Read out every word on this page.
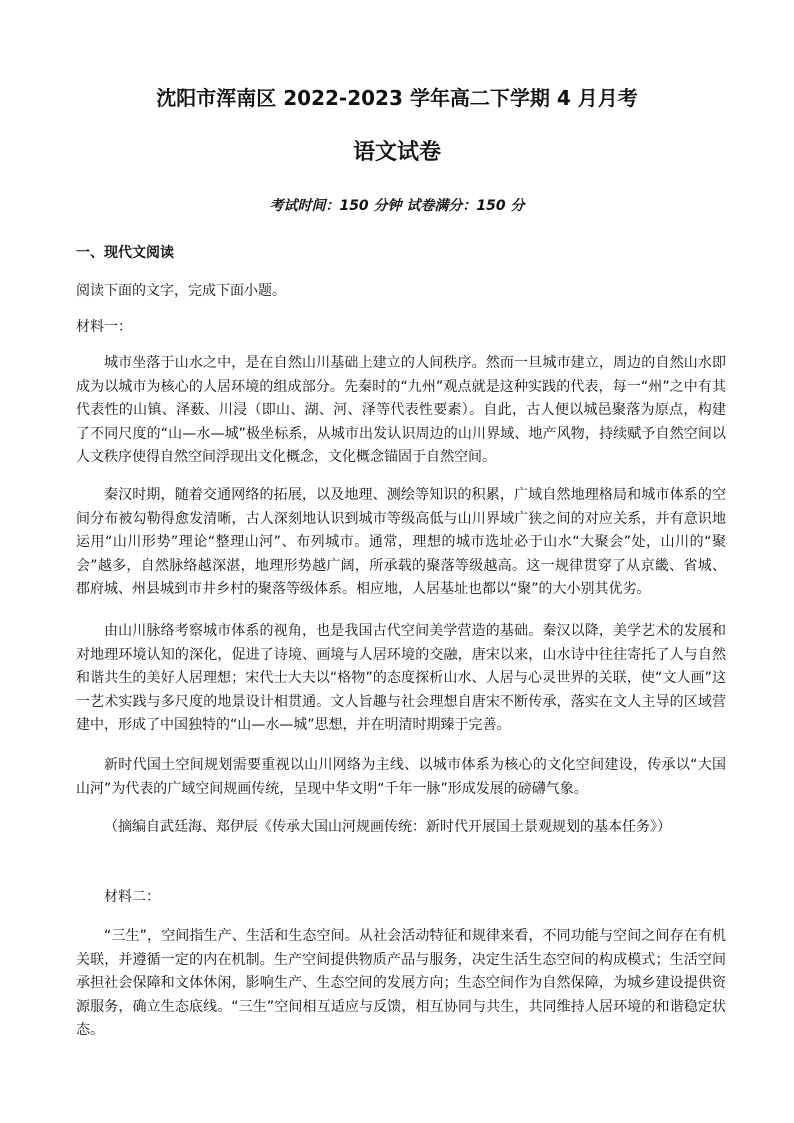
沈阳市浑南区 2022-2023 学年高二下学期 4 月月考
语文试卷
考试时间：150 分钟 试卷满分：150 分
一、现代文阅读
阅读下面的文字，完成下面小题。
材料一：

城市坐落于山水之中，是在自然山川基础上建立的人间秩序。然而一旦城市建立，周边的自然山水即成为以城市为核心的人居环境的组成部分。先秦时的“九州”观点就是这种实践的代表，每一“州”之中有其代表性的山镇、泽薮、川浸（即山、湖、河、泽等代表性要素）。自此，古人便以城邑聚落为原点，构建了不同尺度的“山—水—城”极坐标系，从城市出发认识周边的山川界域、地产风物，持续赋予自然空间以人文秩序使得自然空间浮现出文化概念，文化概念锚固于自然空间。

秦汉时期，随着交通网络的拓展，以及地理、测绘等知识的积累，广域自然地理格局和城市体系的空间分布被勾勒得愈发清晰，古人深刻地认识到城市等级高低与山川界域广狭之间的对应关系，并有意识地运用“山川形势”理论“整理山河”、布列城市。通常，理想的城市选址必于山水“大聚会”处，山川的“聚会”越多，自然脉络越深湛，地理形势越广阔，所承载的聚落等级越高。这一规律贯穿了从京畿、省城、郡府城、州县城到市井乡村的聚落等级体系。相应地，人居基址也都以“聚”的大小别其优劣。

由山川脉络考察城市体系的视角，也是我国古代空间美学营造的基础。秦汉以降，美学艺术的发展和对地理环境认知的深化，促进了诗境、画境与人居环境的交融，唐宋以来，山水诗中往往寄托了人与自然和谐共生的美好人居理想；宋代士大夫以“格物”的态度探析山水、人居与心灵世界的关联，使“文人画”这一艺术实践与多尺度的地景设计相贯通。文人旨趣与社会理想自唐宋不断传承，落实在文人主导的区域营建中，形成了中国独特的“山—水—城”思想，并在明清时期臻于完善。

新时代国土空间规划需要重视以山川网络为主线、以城市体系为核心的文化空间建设，传承以“大国山河”为代表的广域空间规画传统，呈现中华文明“千年一脉”形成发展的磅礴气象。

（摘编自武廷海、郑伊辰《传承大国山河规画传统：新时代开展国土景观规划的基本任务》）
材料二：

“三生”，空间指生产、生活和生态空间。从社会活动特征和规律来看，不同功能与空间之间存在有机关联，并遵循一定的内在机制。生产空间提供物质产品与服务，决定生活生态空间的构成模式；生活空间承担社会保障和文体休闲，影响生产、生态空间的发展方向；生态空间作为自然保障，为城乡建设提供资源服务，确立生态底线。“三生”空间相互适应与反馈，相互协同与共生，共同维持人居环境的和谐稳定状态。
